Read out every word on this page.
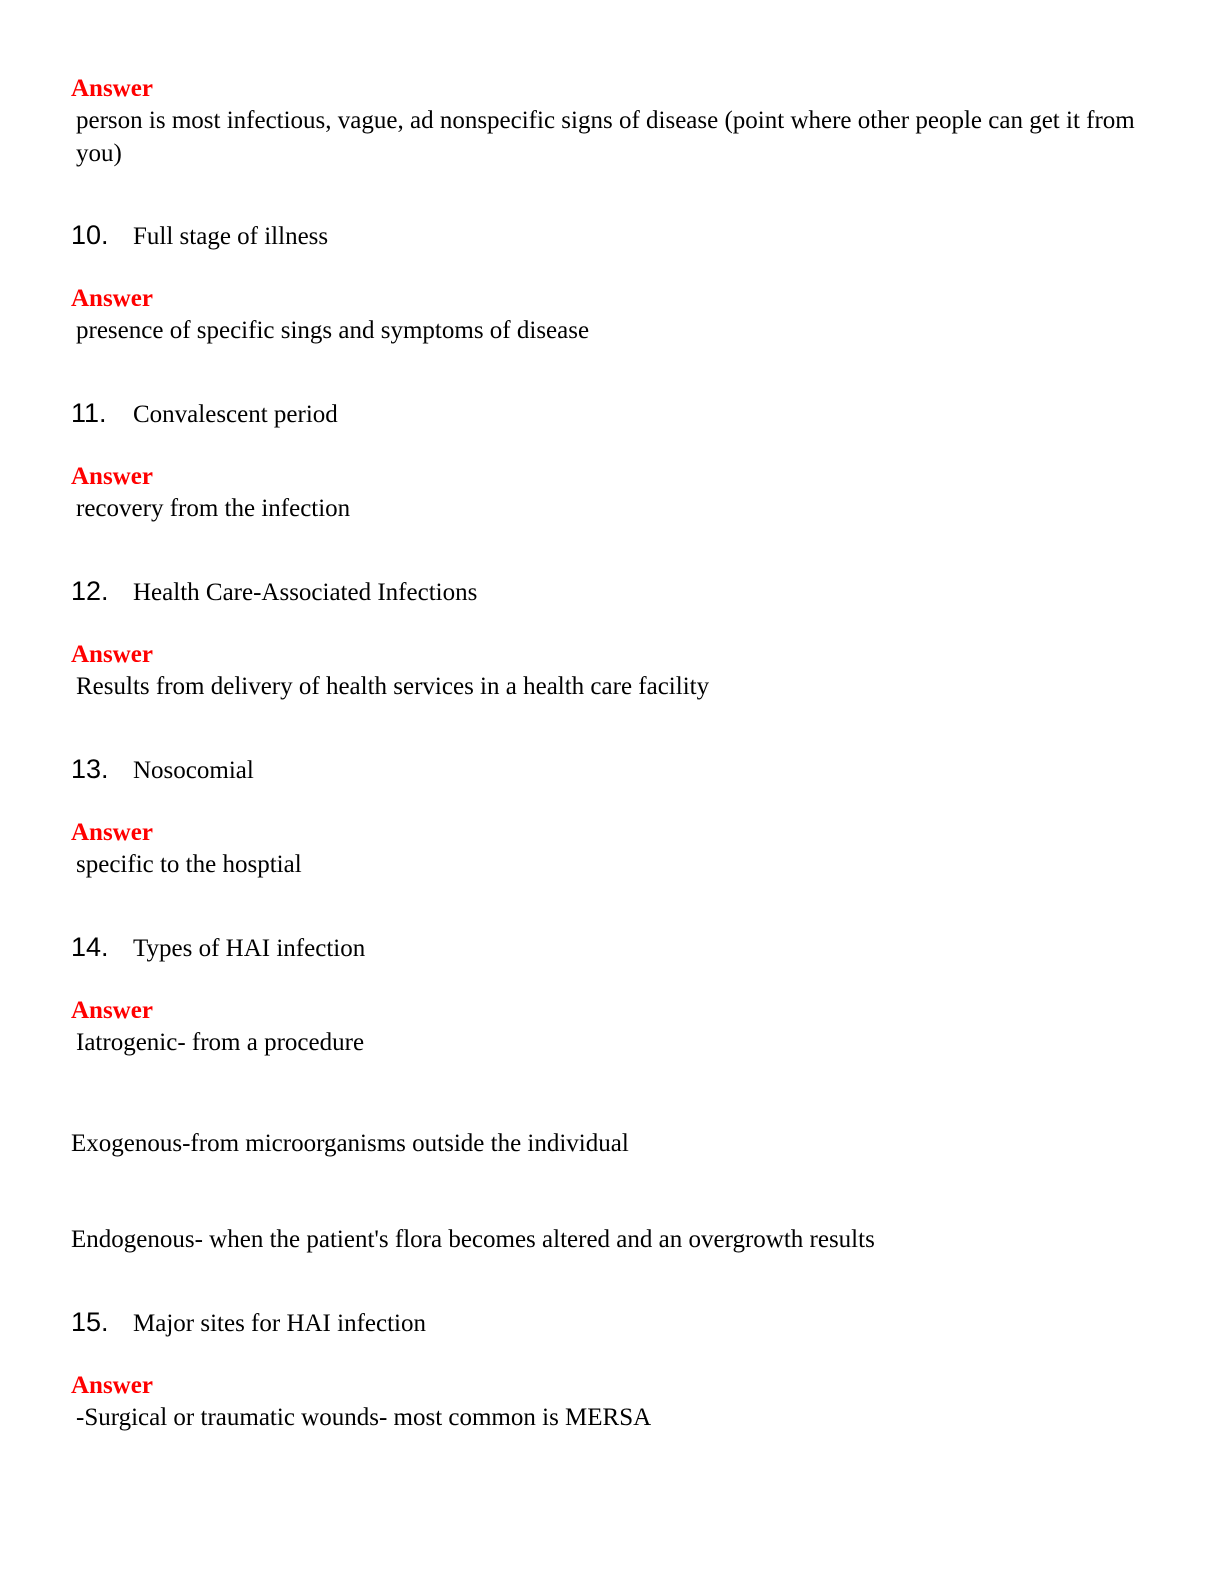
Answer
person is most infectious, vague, ad nonspecific signs of disease (point where other people can get it from you)
10. Full stage of illness
Answer
presence of specific sings and symptoms of disease
11. Convalescent period
Answer
recovery from the infection
12. Health Care-Associated Infections
Answer
Results from delivery of health services in a health care facility
13. Nosocomial
Answer
specific to the hosptial
14. Types of HAI infection
Answer
Iatrogenic- from a procedure
Exogenous-from microorganisms outside the individual
Endogenous- when the patient's flora becomes altered and an overgrowth results
15. Major sites for HAI infection
Answer
-Surgical or traumatic wounds- most common is MERSA
